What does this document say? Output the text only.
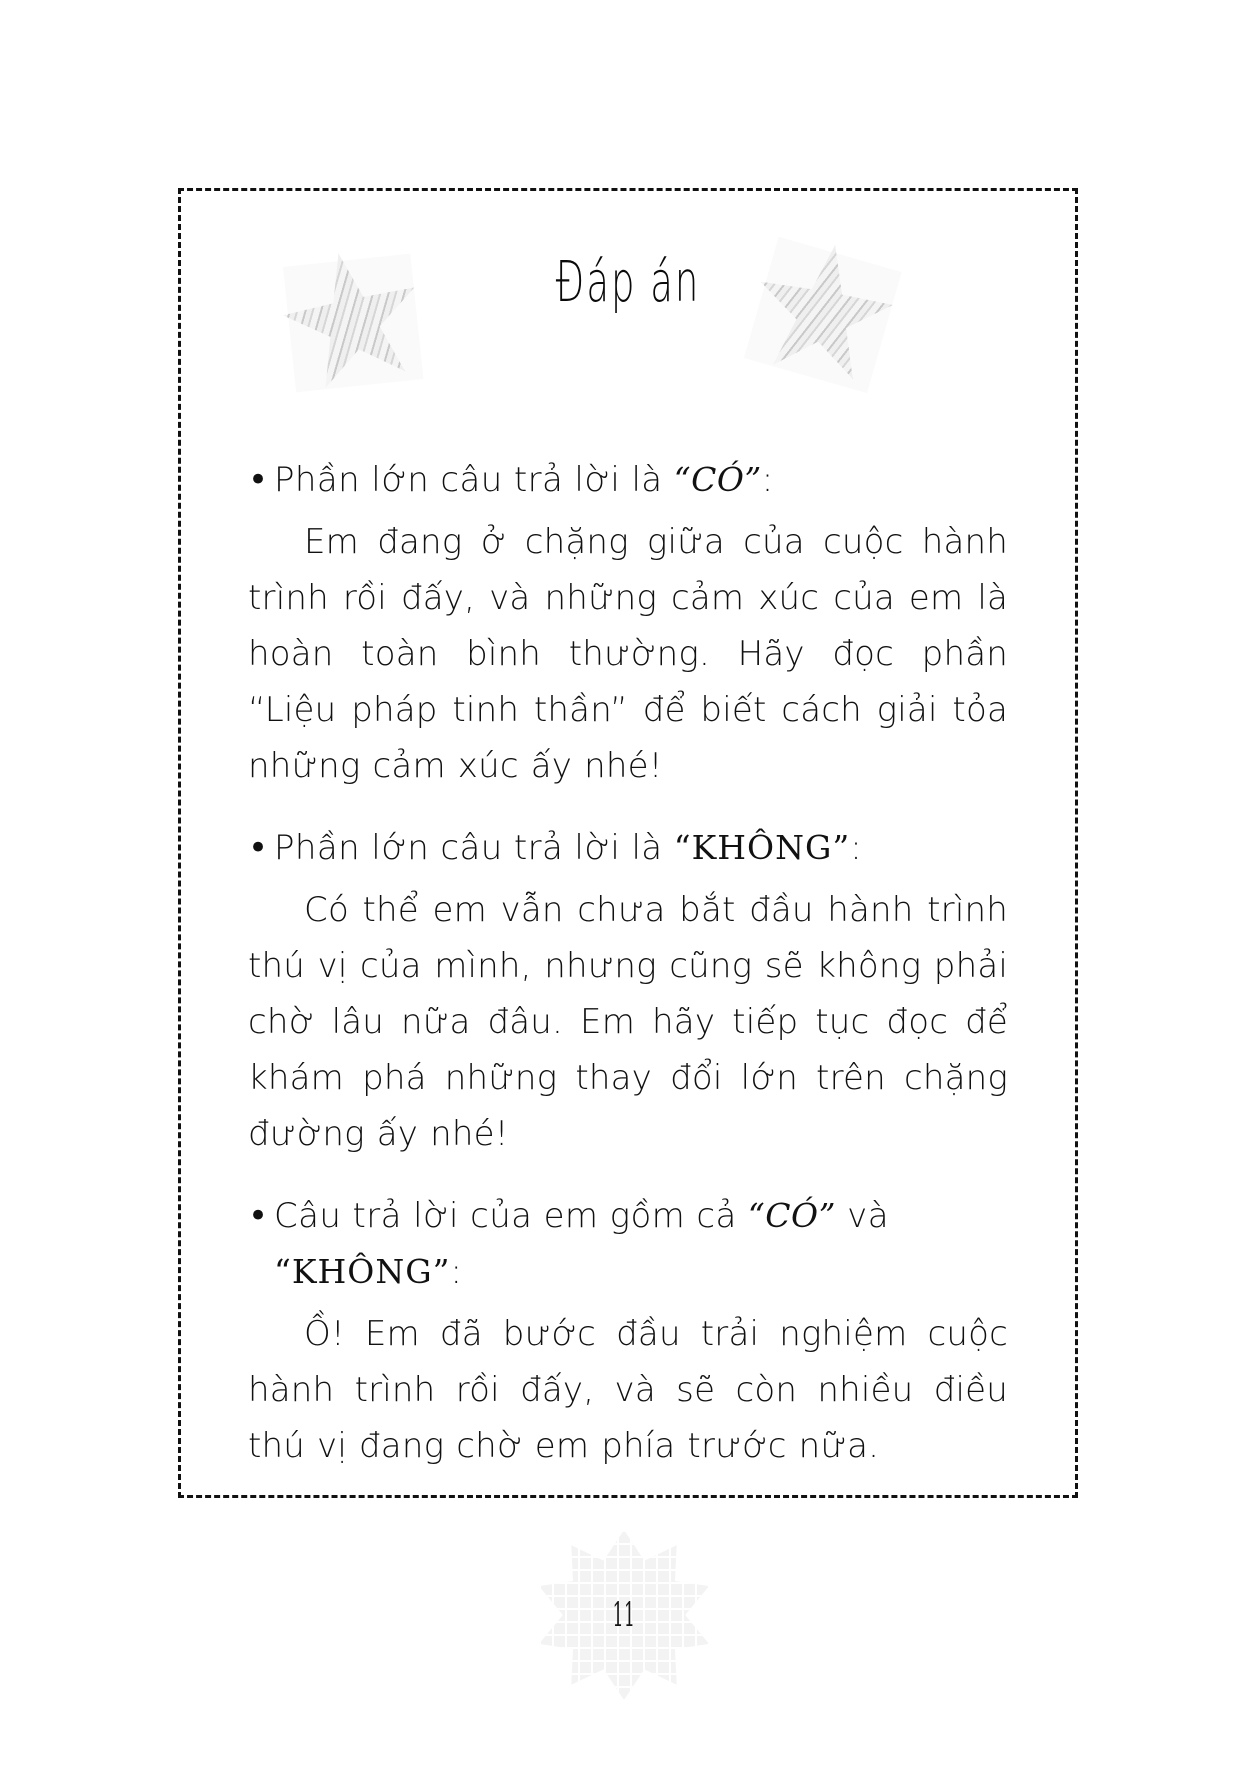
Đáp án
• Phần lớn câu trả lời là “CÓ”:

Em đang ở chặng giữa của cuộc hành trình rồi đấy, và những cảm xúc của em là hoàn toàn bình thường. Hãy đọc phần “Liệu pháp tinh thần” để biết cách giải tỏa những cảm xúc ấy nhé!

• Phần lớn câu trả lời là “KHÔNG”:

Có thể em vẫn chưa bắt đầu hành trình thú vị của mình, nhưng cũng sẽ không phải chờ lâu nữa đâu. Em hãy tiếp tục đọc để khám phá những thay đổi lớn trên chặng đường ấy nhé!

• Câu trả lời của em gồm cả “CÓ” và “KHÔNG”:

Ồ! Em đã bước đầu trải nghiệm cuộc hành trình rồi đấy, và sẽ còn nhiều điều thú vị đang chờ em phía trước nữa.

11
